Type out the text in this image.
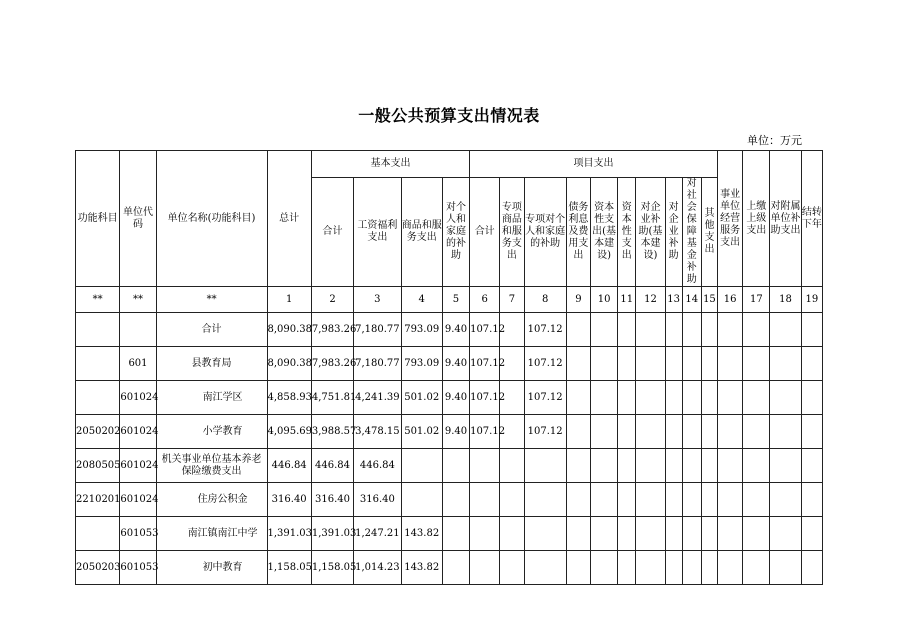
一般公共预算支出情况表
单位：万元
功能科目	单位代码	单位名称(功能科目)	总计	基本支出				项目支出										事业单位经营服务支出	上缴上级支出	对附属单位补助支出	结转下年
				合计	工资福利支出	商品和服务支出	对个人和家庭的补助	合计	专项商品和服务支出	专项对个人和家庭的补助	债务利息及费用支出	资本性支出(基本建设)	资本性支出	对企业补助(基本建设)	对企业补助	对社会保障基金补助	其他支出				
**	**	**	1	2	3	4	5	6	7	8	9	10	11	12	13	14	15	16	17	18	19
		合计	8,090.38	7,983.26	7,180.77	793.09	9.40	107.12		107.12											
	601	县教育局	8,090.38	7,983.26	7,180.77	793.09	9.40	107.12		107.12											
	601024	南江学区	4,858.93	4,751.81	4,241.39	501.02	9.40	107.12		107.12											
2050202	601024	小学教育	4,095.69	3,988.57	3,478.15	501.02	9.40	107.12		107.12											
2080505	601024	机关事业单位基本养老保险缴费支出	446.84	446.84	446.84																
2210201	601024	住房公积金	316.40	316.40	316.40																
	601053	南江镇南江中学	1,391.03	1,391.03	1,247.21	143.82															
2050203	601053	初中教育	1,158.05	1,158.05	1,014.23	143.82															
